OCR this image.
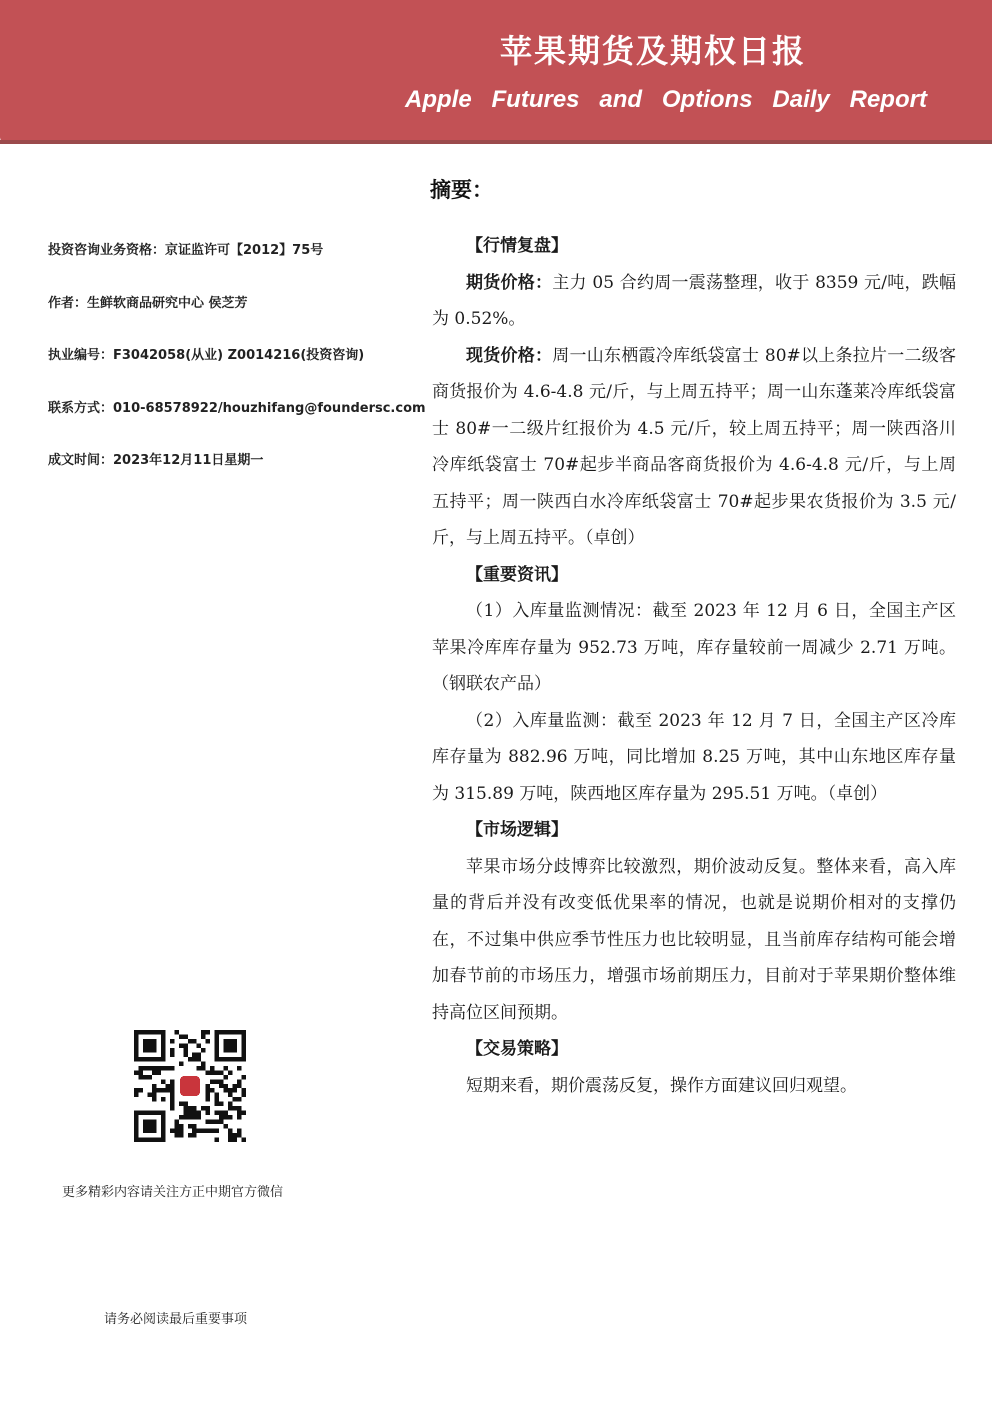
苹果期货及期权日报
Apple Futures and Options Daily Report
投资咨询业务资格：京证监许可【2012】75号
作者：生鲜软商品研究中心 侯芝芳
执业编号：F3042058(从业) Z0014216(投资咨询)
联系方式：010-68578922/houzhifang@foundersc.com
成文时间：2023年12月11日星期一
更多精彩内容请关注方正中期官方微信
请务必阅读最后重要事项
摘要：

【行情复盘】

期货价格：主力 05 合约周一震荡整理，收于 8359 元/吨，跌幅为 0.52%。

现货价格：周一山东栖霞冷库纸袋富士 80#以上条拉片一二级客商货报价为 4.6-4.8 元/斤，与上周五持平；周一山东蓬莱冷库纸袋富士 80#一二级片红报价为 4.5 元/斤，较上周五持平；周一陕西洛川冷库纸袋富士 70#起步半商品客商货报价为 4.6-4.8 元/斤，与上周五持平；周一陕西白水冷库纸袋富士 70#起步果农货报价为 3.5 元/斤，与上周五持平。（卓创）

【重要资讯】

（1）入库量监测情况：截至 2023 年 12 月 6 日，全国主产区苹果冷库库存量为 952.73 万吨，库存量较前一周减少 2.71 万吨。（钢联农产品）

（2）入库量监测：截至 2023 年 12 月 7 日，全国主产区冷库库存量为 882.96 万吨，同比增加 8.25 万吨，其中山东地区库存量为 315.89 万吨，陕西地区库存量为 295.51 万吨。（卓创）

【市场逻辑】

苹果市场分歧博弈比较激烈，期价波动反复。整体来看，高入库量的背后并没有改变低优果率的情况，也就是说期价相对的支撑仍在，不过集中供应季节性压力也比较明显，且当前库存结构可能会增加春节前的市场压力，增强市场前期压力，目前对于苹果期价整体维持高位区间预期。

【交易策略】

短期来看，期价震荡反复，操作方面建议回归观望。
